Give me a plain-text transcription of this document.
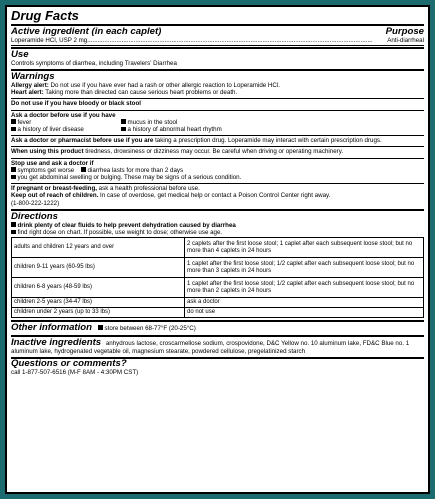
Drug Facts
Active ingredient (in each caplet)	Purpose
Loperamide HCl, USP 2 mg ......................................................................................................................................................................	Anti-diarrheal
Use
Controls symptoms of diarrhea, including Travelers' Diarrhea
Warnings
Allergy alert: Do not use if you have ever had a rash or other allergic reaction to Loperamide HCl.
Heart alert: Taking more than directed can cause serious heart problems or death.
Do not use if you have bloody or black stool
Ask a doctor before use if you have
fever	mucus in the stool
a history of liver disease	a history of abnormal heart rhythm
Ask a doctor or pharmacist before use if you are taking a prescription drug. Loperamide may interact with certain prescription drugs.
When using this product tiredness, drowsiness or dizziness may occur. Be careful when driving or operating machinery.
Stop use and ask a doctor if
symptoms get worse	diarrhea lasts for more than 2 days
you get abdominal swelling or bulging. These may be signs of a serious condition.
If pregnant or breast-feeding, ask a health professional before use.
Keep out of reach of children. In case of overdose, get medical help or contact a Poison Control Center right away.
(1-800-222-1222)
Directions
drink plenty of clear fluids to help prevent dehydration caused by diarrhea
find right dose on chart. If possible, use weight to dose; otherwise use age.
adults and children 12 years and over	2 caplets after the first loose stool; 1 caplet after each subsequent loose stool; but no more than 4 caplets in 24 hours
children 9-11 years (60-95 lbs)	1 caplet after the first loose stool; 1/2 caplet after each subsequent loose stool; but no more than 3 caplets in 24 hours
children 6-8 years (48-59 lbs)	1 caplet after the first loose stool; 1/2 caplet after each subsequent loose stool; but no more than 2 caplets in 24 hours
children 2-5 years (34-47 lbs)	ask a doctor
children under 2 years (up to 33 lbs)	do not use
Other information	store between 68-77°F (20-25°C)
Inactive ingredients anhydrous lactose, croscarmellose sodium, crospovidone, D&C Yellow no. 10 aluminum lake, FD&C Blue no. 1 aluminum lake, hydrogenated vegetable oil, magnesium stearate, powdered cellulose, pregelatinized starch
Questions or comments?
call 1-877-507-6516 (M-F 8AM - 4:30PM CST)
